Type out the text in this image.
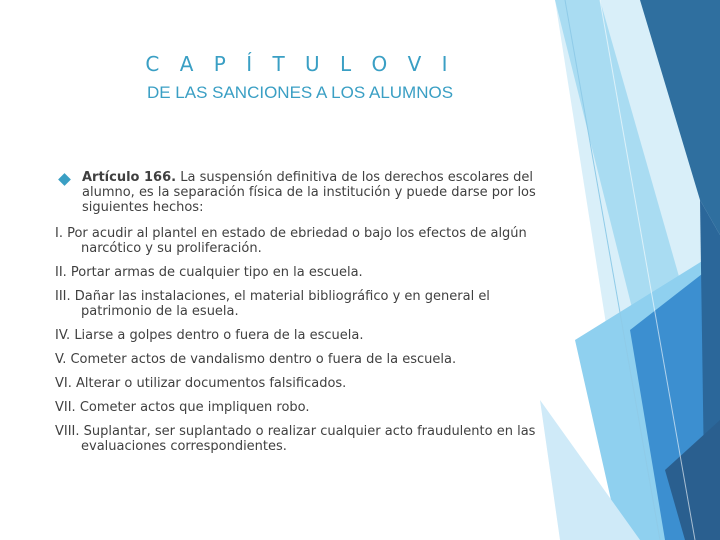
C A P Í T U L O V I
DE LAS SANCIONES A LOS ALUMNOS
Artículo 166. La suspensión definitiva de los derechos escolares del alumno, es la separación física de la institución y puede darse por los siguientes hechos:
I. Por acudir al plantel en estado de ebriedad o bajo los efectos de algún narcótico y su proliferación.
II. Portar armas de cualquier tipo en la escuela.
III. Dañar las instalaciones, el material bibliográfico y en general el patrimonio de la esuela.
IV. Liarse a golpes dentro o fuera de la escuela.
V. Cometer actos de vandalismo dentro o fuera de la escuela.
VI. Alterar o utilizar documentos falsificados.
VII. Cometer actos que impliquen robo.
VIII. Suplantar, ser suplantado o realizar cualquier acto fraudulento en las evaluaciones correspondientes.
